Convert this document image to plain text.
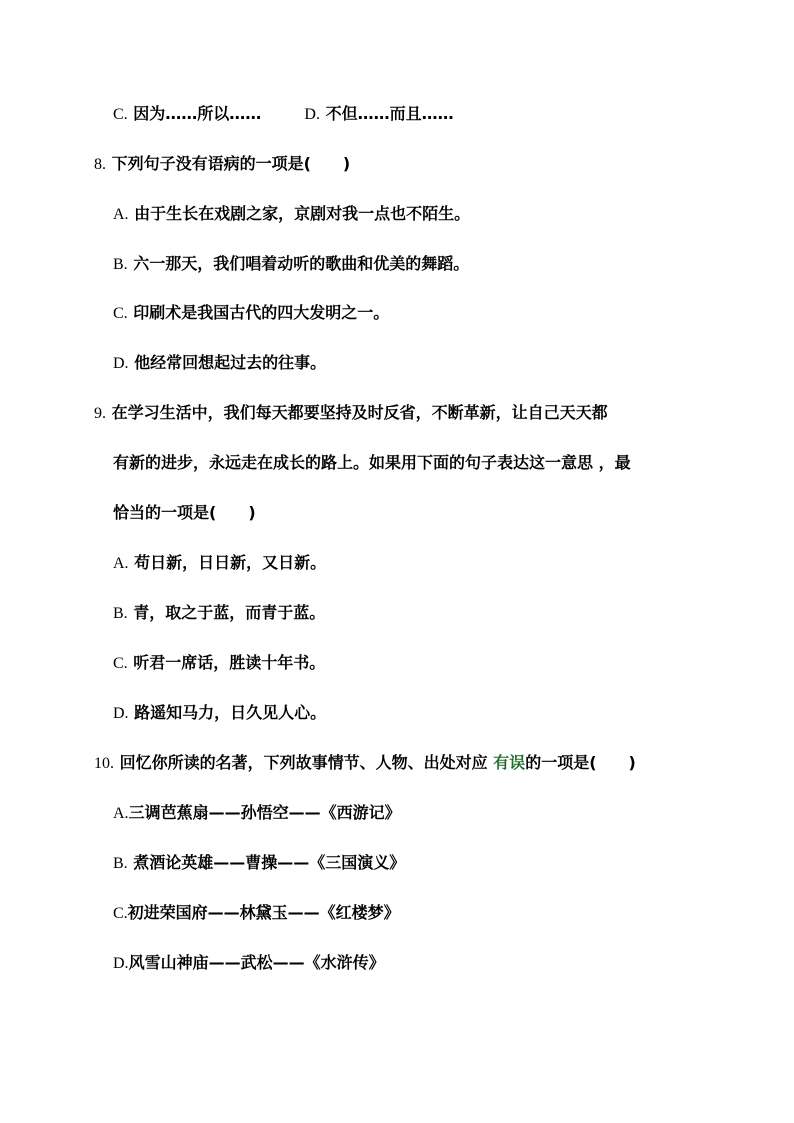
C. 因为……所以……	D. 不但……而且……
8. 下列句子没有语病的一项是(　　)
A. 由于生长在戏剧之家，京剧对我一点也不陌生。
B. 六一那天，我们唱着动听的歌曲和优美的舞蹈。
C. 印刷术是我国古代的四大发明之一。
D. 他经常回想起过去的往事。
9. 在学习生活中，我们每天都要坚持及时反省，不断革新，让自己天天都
有新的进步，永远走在成长的路上。如果用下面的句子表达这一意思 ，最
恰当的一项是(　　)
A. 苟日新，日日新，又日新。
B. 青，取之于蓝，而青于蓝。
C. 听君一席话，胜读十年书。
D. 路遥知马力，日久见人心。
10. 回忆你所读的名著，下列故事情节、人物、出处对应 有误的一项是(　　)
A.三调芭蕉扇——孙悟空——《西游记》
B. 煮酒论英雄——曹操——《三国演义》
C.初进荣国府——林黛玉——《红楼梦》
D.风雪山神庙——武松——《水浒传》
